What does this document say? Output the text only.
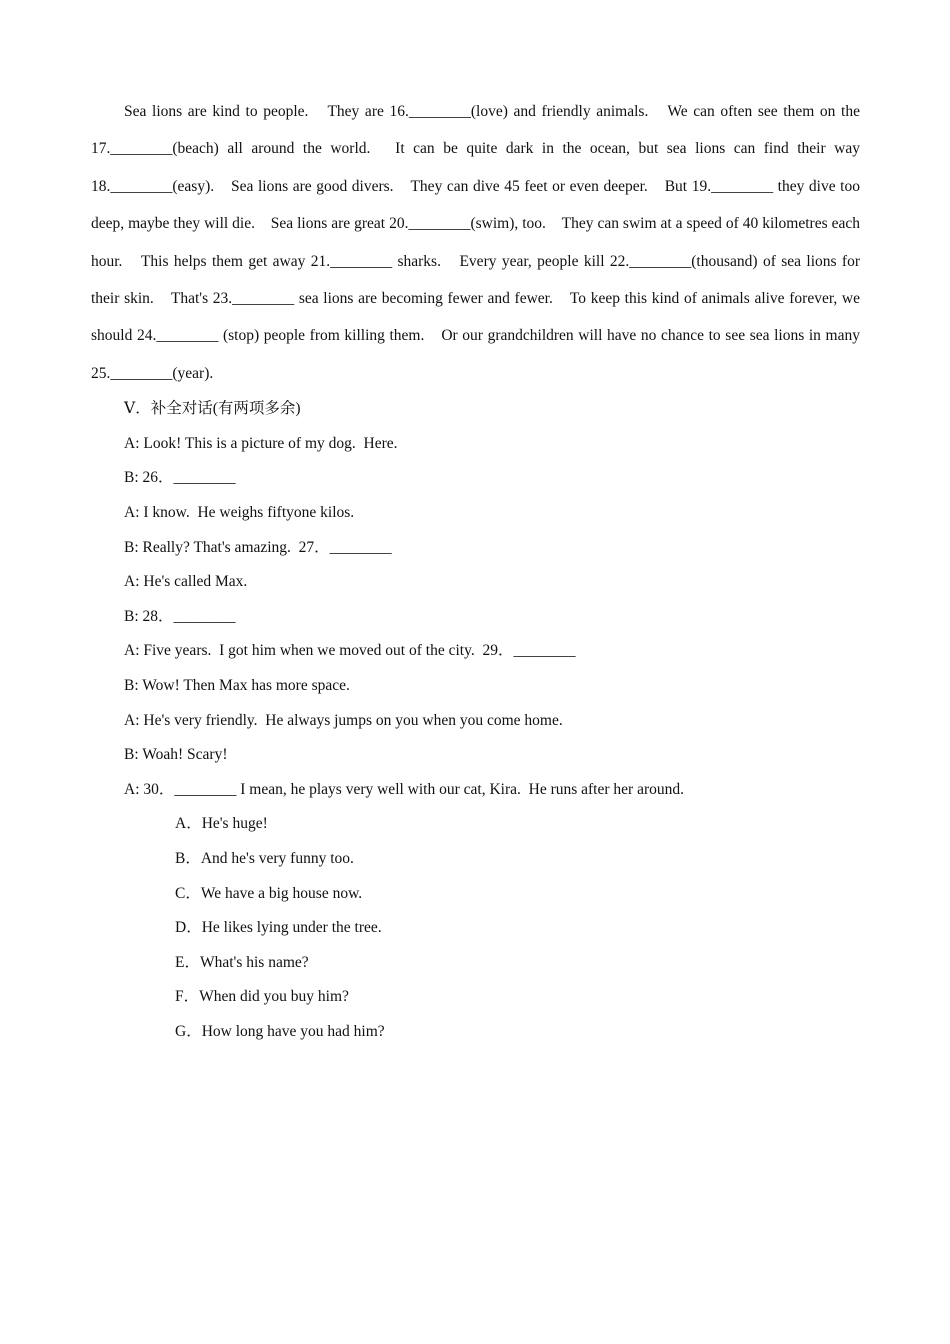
Sea lions are kind to people.　They are 16.________(love) and friendly animals.　We can often see them on the 17.________(beach) all around the world.　It can be quite dark in the ocean, but sea lions can find their way 18.________(easy).　Sea lions are good divers.　They can dive 45 feet or even deeper.　But 19.________ they dive too deep, maybe they will die.　Sea lions are great 20.________(swim), too.　They can swim at a speed of 40 kilometres each hour.　This helps them get away 21.________ sharks.　Every year, people kill 22.________(thousand) of sea lions for their skin.　That's 23.________ sea lions are becoming fewer and fewer.　To keep this kind of animals alive forever, we should 24.________ (stop) people from killing them.　Or our grandchildren will have no chance to see sea lions in many 25.________(year).

Ⅴ．补全对话(有两项多余)
A: Look! This is a picture of my dog.  Here.
B: 26．________
A: I know.  He weighs fiftyone kilos.
B: Really? That's amazing.  27．________
A: He's called Max.
B: 28．________
A: Five years.  I got him when we moved out of the city.  29．________
B: Wow! Then Max has more space.
A: He's very friendly.  He always jumps on you when you come home.
B: Woah! Scary!
A: 30．________ I mean, he plays very well with our cat, Kira.  He runs after her around.
A．He's huge!
B．And he's very funny too.
C．We have a big house now.
D．He likes lying under the tree.
E．What's his name?
F．When did you buy him?
G．How long have you had him?
